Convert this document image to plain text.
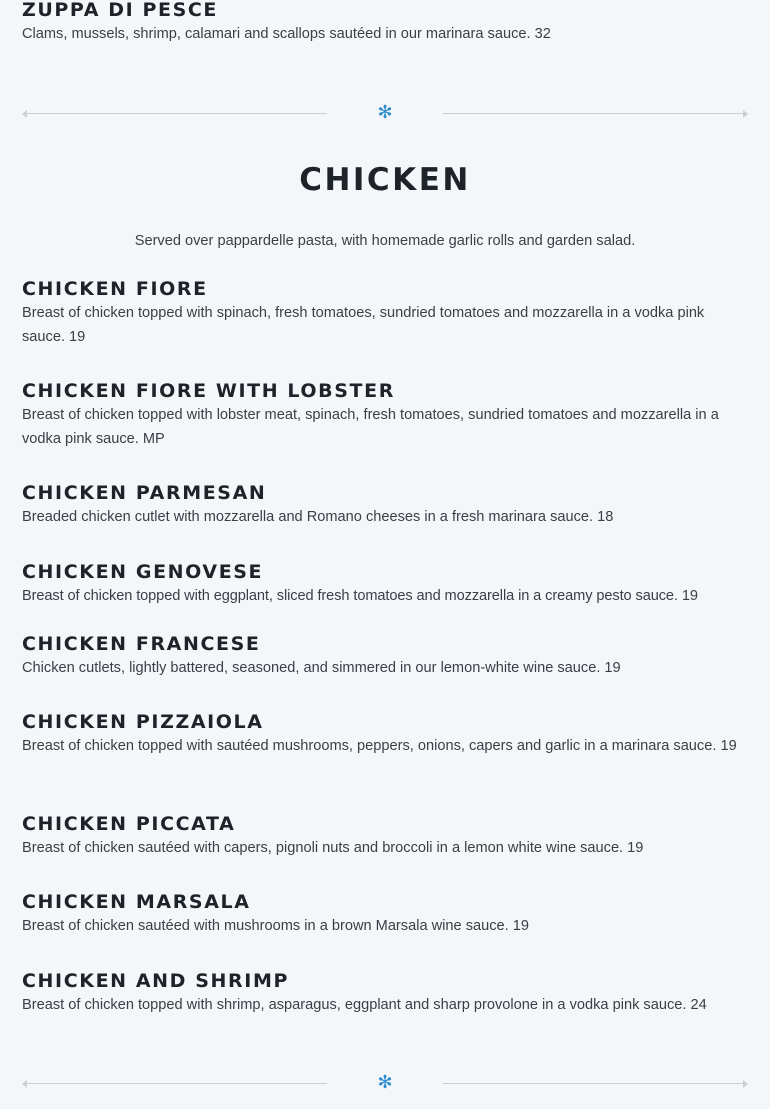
ZUPPA DI PESCE

Clams, mussels, shrimp, calamari and scallops sautéed in our marinara sauce. 32

✻
CHICKEN

Served over pappardelle pasta, with homemade garlic rolls and garden salad.

CHICKEN FIORE

Breast of chicken topped with spinach, fresh tomatoes, sundried tomatoes and mozzarella in a vodka pink sauce. 19

CHICKEN FIORE WITH LOBSTER

Breast of chicken topped with lobster meat, spinach, fresh tomatoes, sundried tomatoes and mozzarella in a vodka pink sauce. MP

CHICKEN PARMESAN

Breaded chicken cutlet with mozzarella and Romano cheeses in a fresh marinara sauce. 18

CHICKEN GENOVESE

Breast of chicken topped with eggplant, sliced fresh tomatoes and mozzarella in a creamy pesto sauce. 19

CHICKEN FRANCESE

Chicken cutlets, lightly battered, seasoned, and simmered in our lemon-white wine sauce. 19

CHICKEN PIZZAIOLA

Breast of chicken topped with sautéed mushrooms, peppers, onions, capers and garlic in a marinara sauce. 19

CHICKEN PICCATA

Breast of chicken sautéed with capers, pignoli nuts and broccoli in a lemon white wine sauce. 19

CHICKEN MARSALA

Breast of chicken sautéed with mushrooms in a brown Marsala wine sauce. 19

CHICKEN AND SHRIMP

Breast of chicken topped with shrimp, asparagus, eggplant and sharp provolone in a vodka pink sauce. 24

✻
